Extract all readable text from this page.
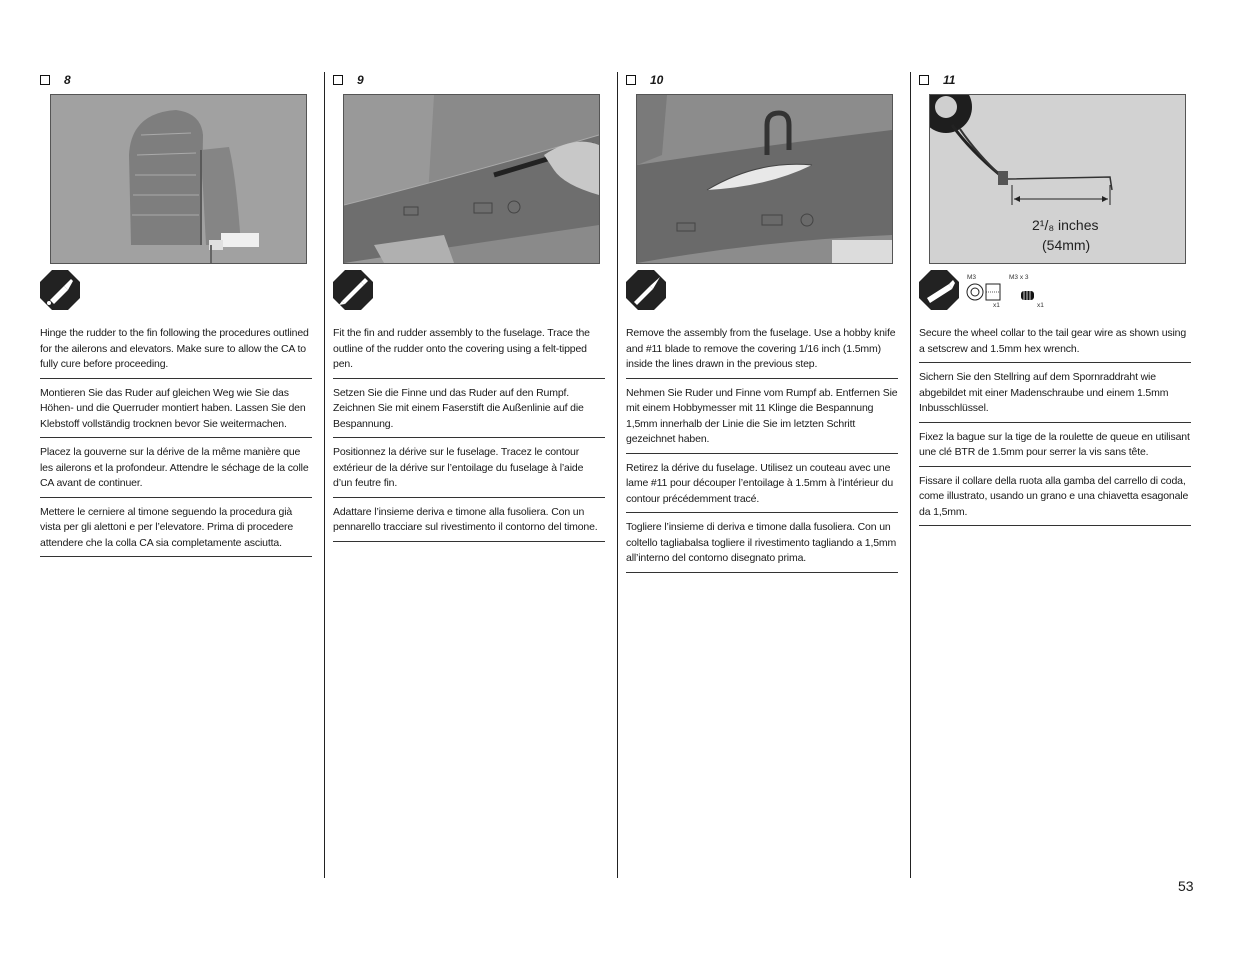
8
Hinge the rudder to the fin following the procedures outlined for the ailerons and elevators. Make sure to allow the CA to fully cure before proceeding.
Montieren Sie das Ruder auf gleichen Weg wie Sie das Höhen- und die Querruder montiert haben. Lassen Sie den Klebstoff vollständig trocknen bevor Sie weitermachen.
Placez la gouverne sur la dérive de la même manière que les ailerons et la profondeur. Attendre le séchage de la colle CA avant de continuer.
Mettere le cerniere al timone seguendo la procedura già vista per gli alettoni e per l’elevatore. Prima di procedere attendere che la colla CA sia completamente asciutta.
9
Fit the fin and rudder assembly to the fuselage. Trace the outline of the rudder onto the covering using a felt-tipped pen.
Setzen Sie die Finne und das Ruder auf den Rumpf. Zeichnen Sie mit einem Faserstift die Außenlinie auf die Bespannung.
Positionnez la dérive sur le fuselage. Tracez le contour extérieur de la dérive sur l’entoilage du fuselage à l’aide d’un feutre fin.
Adattare l’insieme deriva e timone alla fusoliera. Con un pennarello tracciare sul rivestimento il contorno del timone.
10
Remove the assembly from the fuselage. Use a hobby knife and #11 blade to remove the covering 1/16 inch (1.5mm) inside the lines drawn in the previous step.
Nehmen Sie Ruder und Finne vom Rumpf ab. Entfernen Sie mit einem Hobbymesser mit 11 Klinge die Bespannung 1,5mm innerhalb der Linie die Sie im letzten Schritt gezeichnet haben.
Retirez la dérive du fuselage. Utilisez un couteau avec une lame #11 pour découper l’entoilage à 1.5mm à l’intérieur du contour précédemment tracé.
Togliere l’insieme di deriva e timone dalla fusoliera. Con un coltello tagliabalsa togliere il rivestimento tagliando a 1,5mm all’interno del contorno disegnato prima.
11
2¹/₈ inches
(54mm)
M3
x1
M3 x 3
x1
Secure the wheel collar to the tail gear wire as shown using a setscrew and 1.5mm hex wrench.
Sichern Sie den Stellring auf dem Spornraddraht wie abgebildet mit einer Madenschraube und einem 1.5mm Inbusschlüssel.
Fixez la bague sur la tige de la roulette de queue en utilisant une clé BTR de 1.5mm pour serrer la vis sans tête.
Fissare il collare della ruota alla gamba del carrello di coda, come illustrato, usando un grano e una chiavetta esagonale da 1,5mm.
53
